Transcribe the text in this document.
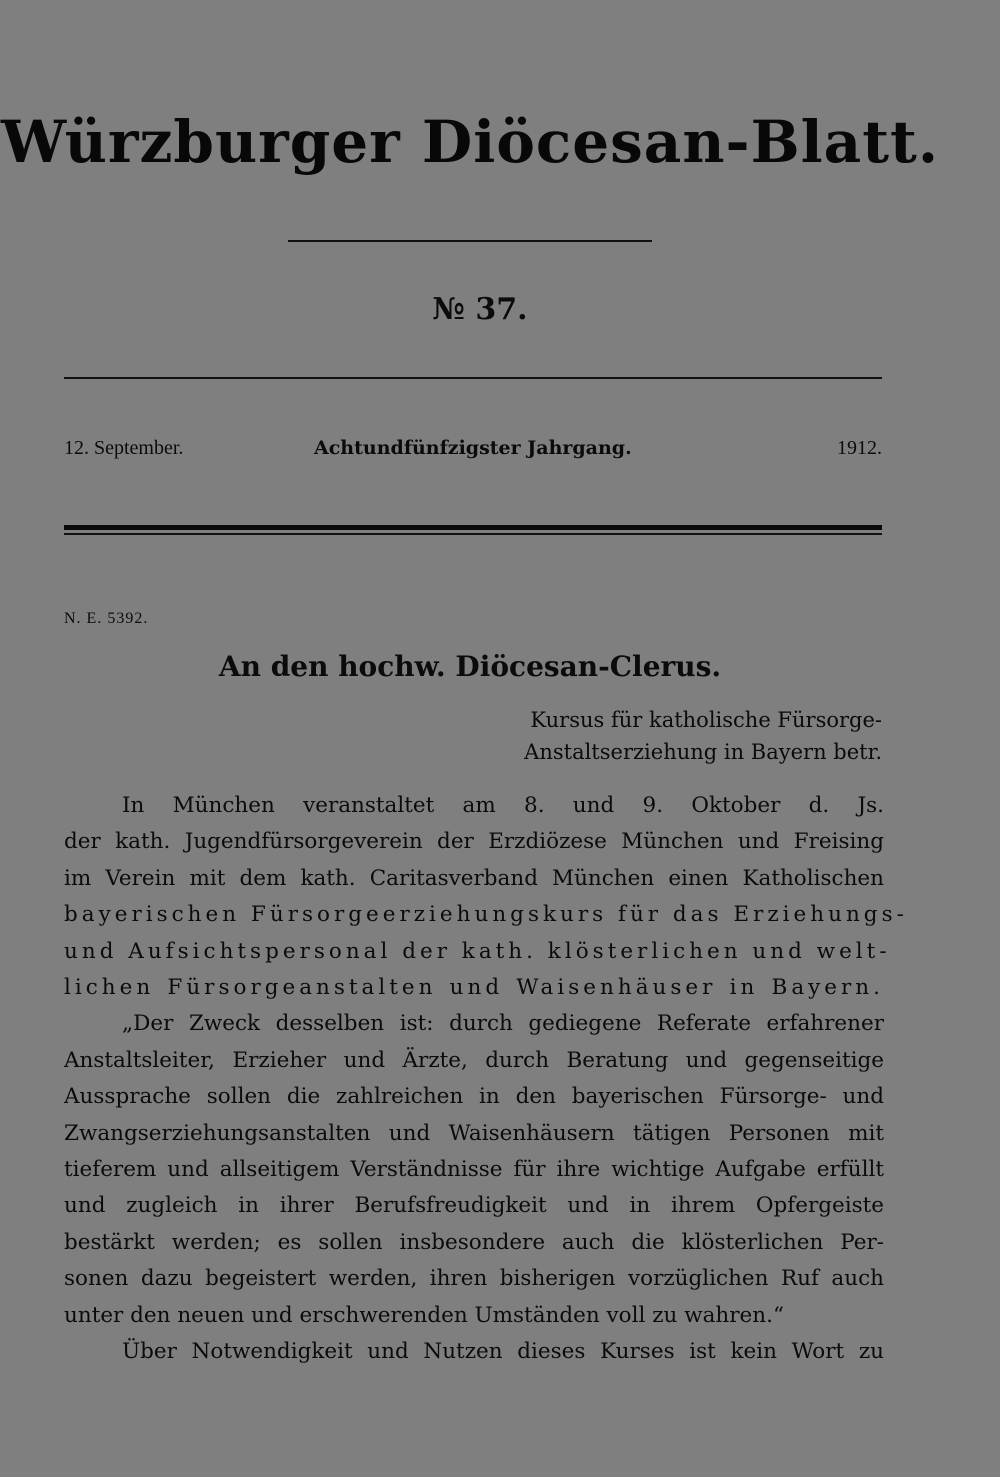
Würzburger Diöcesan-Blatt.
№ 37.
12. September.	Achtundfünfzigster Jahrgang.	1912.
N. E. 5392.
An den hochw. Diöcesan-Clerus.
Kursus für katholische Fürsorge-
Anstaltserziehung in Bayern betr.
In München veranstaltet am 8. und 9. Oktober d. Js.
der kath. Jugendfürsorgeverein der Erzdiözese München und Freising
im Verein mit dem kath. Caritasverband München einen Katholischen
bayerischen Fürsorgeerziehungskurs für das Erziehungs-
und Aufsichtspersonal der kath. klösterlichen und welt-
lichen Fürsorgeanstalten und Waisenhäuser in Bayern.
„Der Zweck desselben ist: durch gediegene Referate erfahrener
Anstaltsleiter, Erzieher und Ärzte, durch Beratung und gegenseitige
Aussprache sollen die zahlreichen in den bayerischen Fürsorge- und
Zwangserziehungsanstalten und Waisenhäusern tätigen Personen mit
tieferem und allseitigem Verständnisse für ihre wichtige Aufgabe erfüllt
und zugleich in ihrer Berufsfreudigkeit und in ihrem Opfergeiste
bestärkt werden; es sollen insbesondere auch die klösterlichen Per-
sonen dazu begeistert werden, ihren bisherigen vorzüglichen Ruf auch
unter den neuen und erschwerenden Umständen voll zu wahren.“
Über Notwendigkeit und Nutzen dieses Kurses ist kein Wort zu
